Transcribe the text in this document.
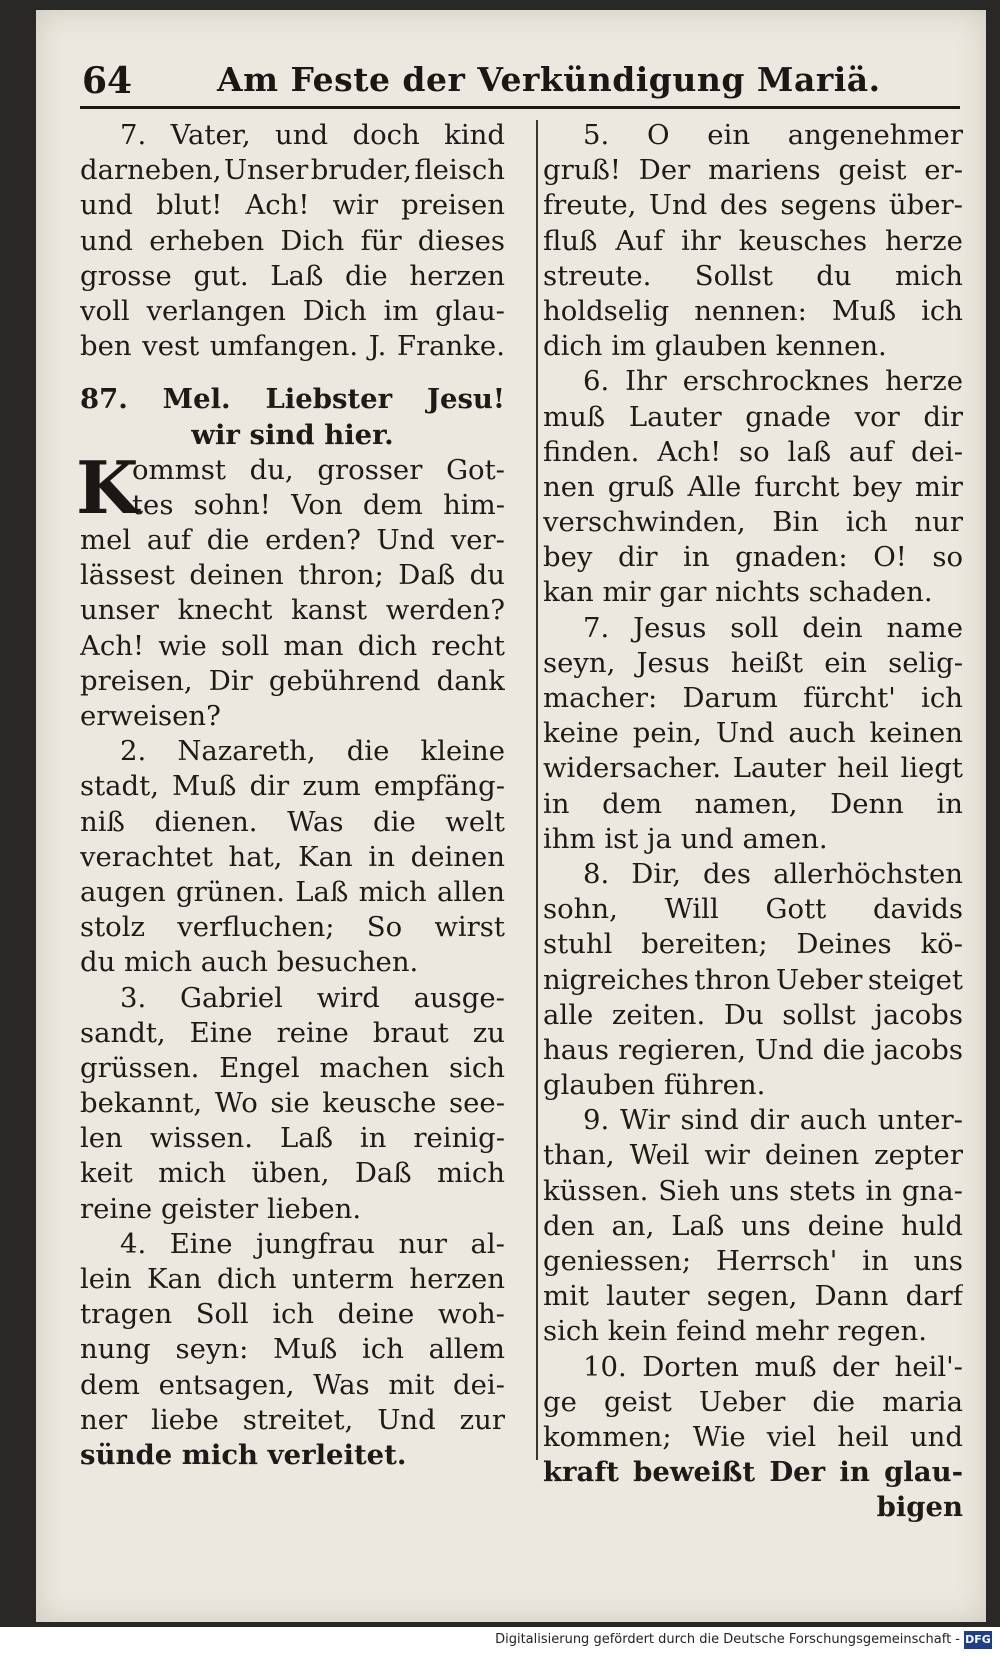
64	Am Feste der Verkündigung Mariä.
7. Vater, und doch kind
darneben, Unser bruder, fleisch
und blut! Ach! wir preisen
und erheben Dich für dieses
grosse gut. Laß die herzen
voll verlangen Dich im glau-
ben vest umfangen. J. Franke.
87. Mel. Liebster Jesu!
wir sind hier.
K
ommst du, grosser Got-
tes sohn! Von dem him-
mel auf die erden? Und ver-
lässest deinen thron; Daß du
unser knecht kanst werden?
Ach! wie soll man dich recht
preisen, Dir gebührend dank
erweisen?
2. Nazareth, die kleine
stadt, Muß dir zum empfäng-
niß dienen. Was die welt
verachtet hat, Kan in deinen
augen grünen. Laß mich allen
stolz verfluchen; So wirst
du mich auch besuchen.
3. Gabriel wird ausge-
sandt, Eine reine braut zu
grüssen. Engel machen sich
bekannt, Wo sie keusche see-
len wissen. Laß in reinig-
keit mich üben, Daß mich
reine geister lieben.
4. Eine jungfrau nur al-
lein Kan dich unterm herzen
tragen Soll ich deine woh-
nung seyn: Muß ich allem
dem entsagen, Was mit dei-
ner liebe streitet, Und zur
sünde mich verleitet.
5. O ein angenehmer
gruß! Der mariens geist er-
freute, Und des segens über-
fluß Auf ihr keusches herze
streute. Sollst du mich
holdselig nennen: Muß ich
dich im glauben kennen.
6. Ihr erschrocknes herze
muß Lauter gnade vor dir
finden. Ach! so laß auf dei-
nen gruß Alle furcht bey mir
verschwinden, Bin ich nur
bey dir in gnaden: O! so
kan mir gar nichts schaden.
7. Jesus soll dein name
seyn, Jesus heißt ein selig-
macher: Darum fürcht' ich
keine pein, Und auch keinen
widersacher. Lauter heil liegt
in dem namen, Denn in
ihm ist ja und amen.
8. Dir, des allerhöchsten
sohn, Will Gott davids
stuhl bereiten; Deines kö-
nigreiches thron Ueber steiget
alle zeiten. Du sollst jacobs
haus regieren, Und die jacobs
glauben führen.
9. Wir sind dir auch unter-
than, Weil wir deinen zepter
küssen. Sieh uns stets in gna-
den an, Laß uns deine huld
geniessen; Herrsch' in uns
mit lauter segen, Dann darf
sich kein feind mehr regen.
10. Dorten muß der heil'-
ge geist Ueber die maria
kommen; Wie viel heil und
kraft beweißt Der in glau-
bigen
Digitalisierung gefördert durch die Deutsche Forschungsgemeinschaft - DFG
